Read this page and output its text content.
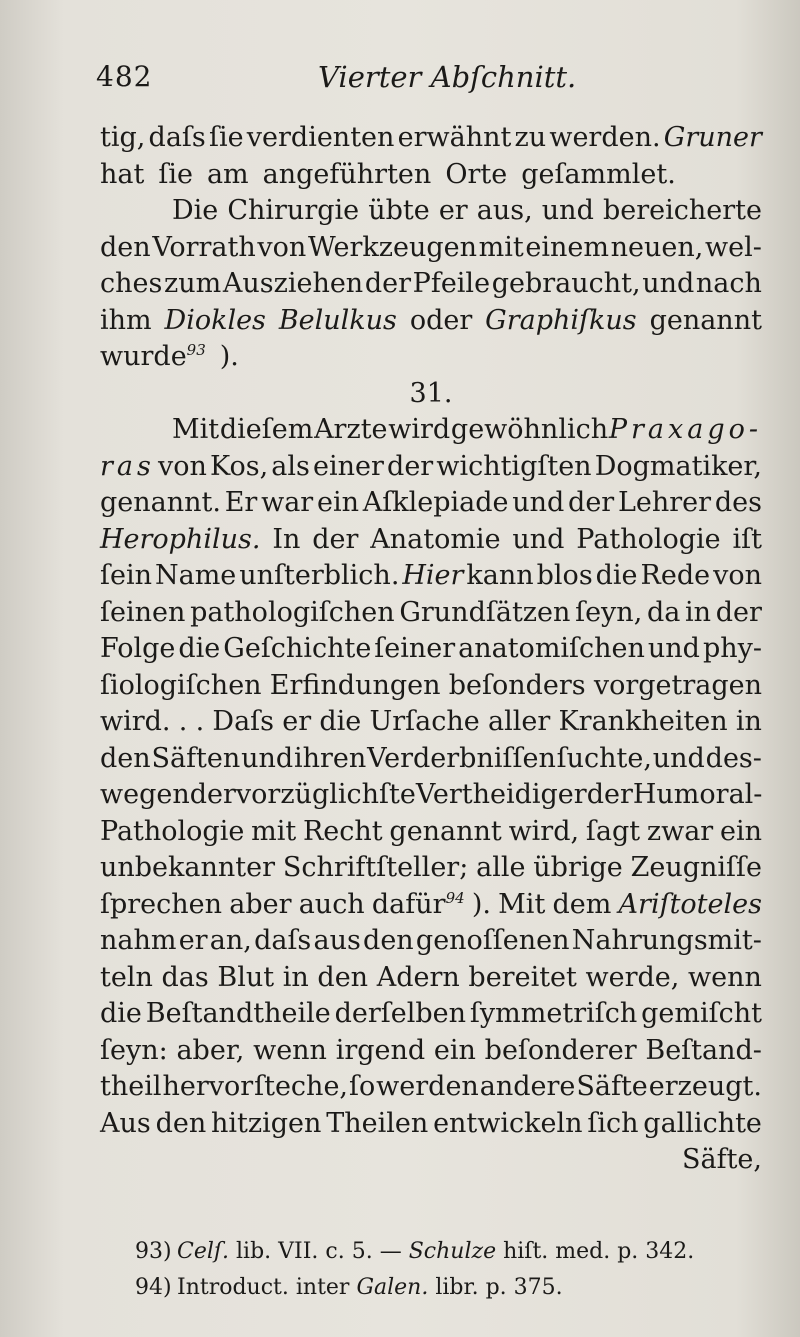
482	Vierter Abſchnitt.
tig, daſs ſie verdienten erwähnt zu werden. Gruner
hat ſie am angeführten Orte geſammlet.
Die Chirurgie übte er aus, und bereicherte
den Vorrath von Werkzeugen mit einem neuen, wel-
ches zum Ausziehen der Pfeile gebraucht, und nach
ihm Diokles Belulkus oder Graphiſkus genannt
wurde$^{93}$ ).
31.
Mit dieſem Arzte wird gewöhnlich Praxago-
ras von Kos, als einer der wichtigſten Dogmatiker,
genannt. Er war ein Aſklepiade und der Lehrer des
Herophilus. In der Anatomie und Pathologie iſt
ſein Name unſterblich. Hier kann blos die Rede von
ſeinen pathologiſchen Grundſätzen ſeyn, da in der
Folge die Geſchichte ſeiner anatomiſchen und phy-
ſiologiſchen Erfindungen beſonders vorgetragen
wird. . . Daſs er die Urſache aller Krankheiten in
den Säften und ihren Verderbniſſen ſuchte, und des-
wegen der vorzüglichſte Vertheidiger der Humoral-
Pathologie mit Recht genannt wird, ſagt zwar ein
unbekannter Schriftſteller; alle übrige Zeugniſſe
ſprechen aber auch dafür$^{94}$ ). Mit dem Ariſtoteles
nahm er an, daſs aus den genoſſenen Nahrungsmit-
teln das Blut in den Adern bereitet werde, wenn
die Beſtandtheile derſelben ſymmetriſch gemiſcht
ſeyn: aber, wenn irgend ein beſonderer Beſtand-
theil hervor ſteche, ſo werden andere Säfte erzeugt.
Aus den hitzigen Theilen entwickeln ſich gallichte
Säfte,
93) Celſ. lib. VII. c. 5. — Schulze hiſt. med. p. 342.
94) Introduct. inter Galen. libr. p. 375.
